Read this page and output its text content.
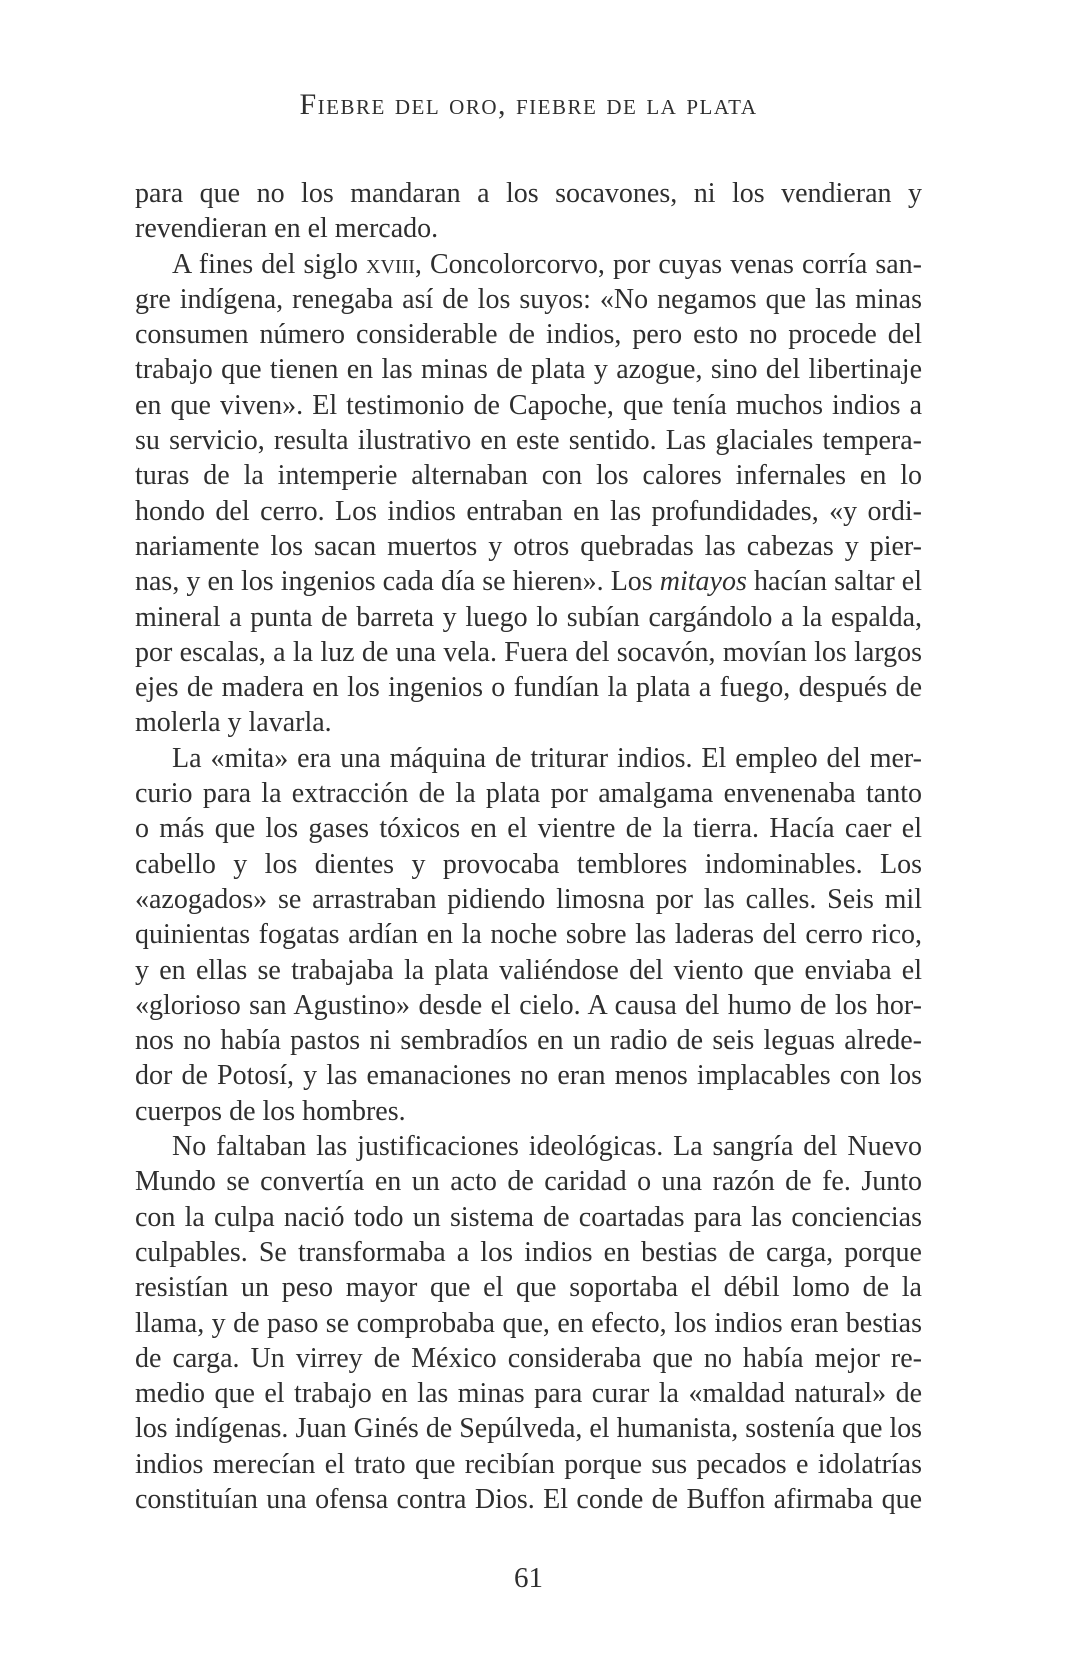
Fiebre del oro, fiebre de la plata
para que no los mandaran a los socavones, ni los vendieran y
revendieran en el mercado.
A fines del siglo xviii, Concolorcorvo, por cuyas venas corría san-
gre indígena, renegaba así de los suyos: «No negamos que las minas
consumen número considerable de indios, pero esto no procede del
trabajo que tienen en las minas de plata y azogue, sino del libertinaje
en que viven». El testimonio de Capoche, que tenía muchos indios a
su servicio, resulta ilustrativo en este sentido. Las glaciales tempera-
turas de la intemperie alternaban con los calores infernales en lo
hondo del cerro. Los indios entraban en las profundidades, «y ordi-
nariamente los sacan muertos y otros quebradas las cabezas y pier-
nas, y en los ingenios cada día se hieren». Los mitayos hacían saltar el
mineral a punta de barreta y luego lo subían cargándolo a la espalda,
por escalas, a la luz de una vela. Fuera del socavón, movían los largos
ejes de madera en los ingenios o fundían la plata a fuego, después de
molerla y lavarla.
La «mita» era una máquina de triturar indios. El empleo del mer-
curio para la extracción de la plata por amalgama envenenaba tanto
o más que los gases tóxicos en el vientre de la tierra. Hacía caer el
cabello y los dientes y provocaba temblores indominables. Los
«azogados» se arrastraban pidiendo limosna por las calles. Seis mil
quinientas fogatas ardían en la noche sobre las laderas del cerro rico,
y en ellas se trabajaba la plata valiéndose del viento que enviaba el
«glorioso san Agustino» desde el cielo. A causa del humo de los hor-
nos no había pastos ni sembradíos en un radio de seis leguas alrede-
dor de Potosí, y las emanaciones no eran menos implacables con los
cuerpos de los hombres.
No faltaban las justificaciones ideológicas. La sangría del Nuevo
Mundo se convertía en un acto de caridad o una razón de fe. Junto
con la culpa nació todo un sistema de coartadas para las conciencias
culpables. Se transformaba a los indios en bestias de carga, porque
resistían un peso mayor que el que soportaba el débil lomo de la
llama, y de paso se comprobaba que, en efecto, los indios eran bestias
de carga. Un virrey de México consideraba que no había mejor re-
medio que el trabajo en las minas para curar la «maldad natural» de
los indígenas. Juan Ginés de Sepúlveda, el humanista, sostenía que los
indios merecían el trato que recibían porque sus pecados e idolatrías
constituían una ofensa contra Dios. El conde de Buffon afirmaba que
61
